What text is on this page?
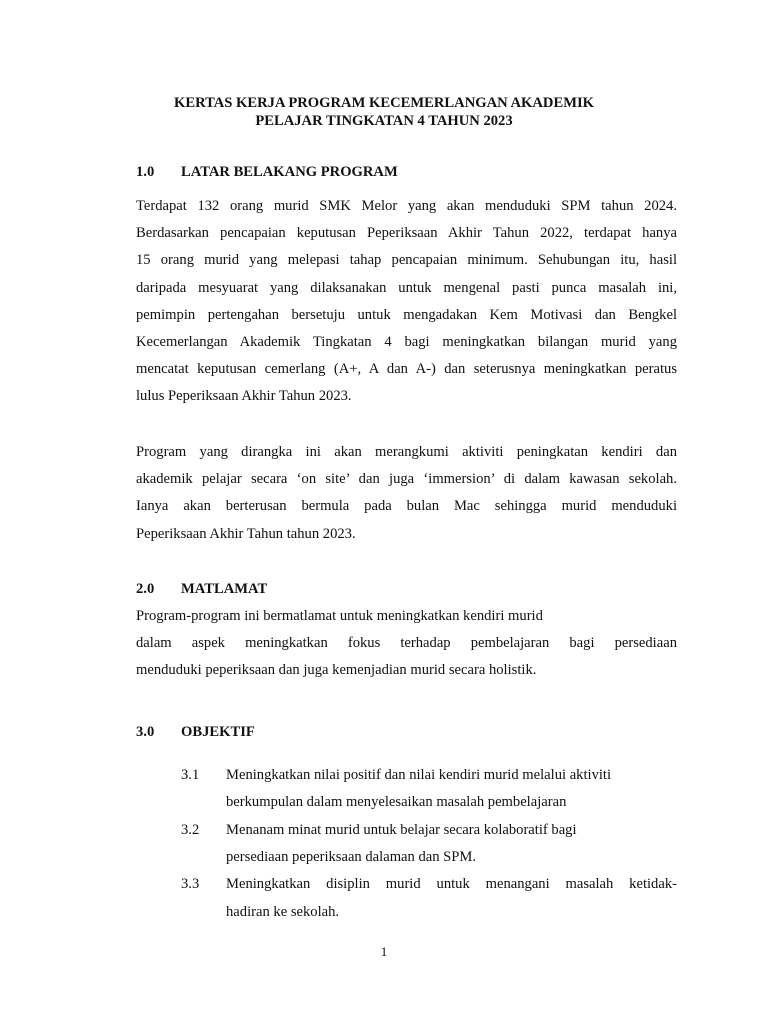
KERTAS KERJA PROGRAM KECEMERLANGAN AKADEMIK
PELAJAR TINGKATAN 4 TAHUN 2023
1.0 LATAR BELAKANG PROGRAM
Terdapat 132 orang murid SMK Melor yang akan menduduki SPM tahun 2024.
Berdasarkan pencapaian keputusan Peperiksaan Akhir Tahun 2022, terdapat hanya
15 orang murid yang melepasi tahap pencapaian minimum. Sehubungan itu, hasil
daripada mesyuarat yang dilaksanakan untuk mengenal pasti punca masalah ini,
pemimpin pertengahan bersetuju untuk mengadakan Kem Motivasi dan Bengkel
Kecemerlangan Akademik Tingkatan 4 bagi meningkatkan bilangan murid yang
mencatat keputusan cemerlang (A+, A dan A-) dan seterusnya meningkatkan peratus
lulus Peperiksaan Akhir Tahun 2023.
Program yang dirangka ini akan merangkumi aktiviti peningkatan kendiri dan
akademik pelajar secara ‘on site’ dan juga ‘immersion’ di dalam kawasan sekolah.
Ianya akan berterusan bermula pada bulan Mac sehingga murid menduduki
Peperiksaan Akhir Tahun tahun 2023.
2.0 MATLAMAT
Program-program ini bermatlamat untuk meningkatkan kendiri murid
dalam aspek meningkatkan fokus terhadap pembelajaran bagi persediaan
menduduki peperiksaan dan juga kemenjadian murid secara holistik.
3.0 OBJEKTIF
3.1 Meningkatkan nilai positif dan nilai kendiri murid melalui aktiviti
berkumpulan dalam menyelesaikan masalah pembelajaran
3.2 Menanam minat murid untuk belajar secara kolaboratif bagi
persediaan peperiksaan dalaman dan SPM.
3.3 Meningkatkan disiplin murid untuk menangani masalah ketidak-
hadiran ke sekolah.
1
